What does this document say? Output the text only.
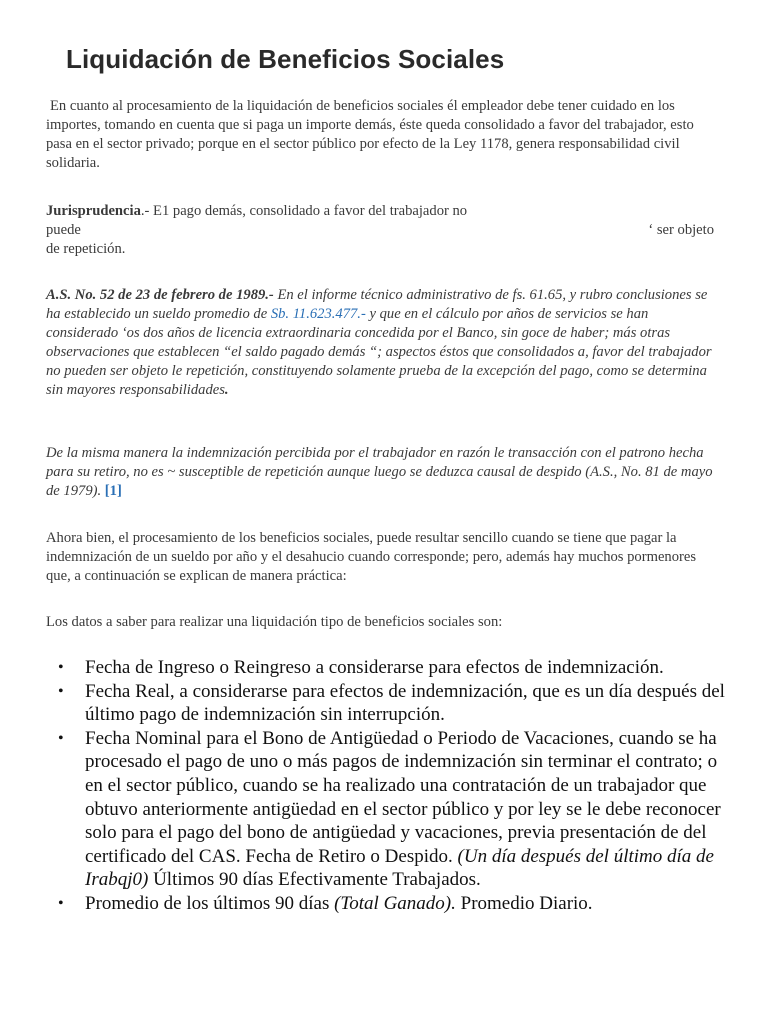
Liquidación de Beneficios Sociales

En cuanto al procesamiento de la liquidación de beneficios sociales él empleador debe tener cuidado en los importes, tomando en cuenta que si paga un importe demás, éste queda consolidado a favor del trabajador, esto pasa en el sector privado; porque en el sector público por efecto de la Ley 1178, genera responsabilidad civil solidaria.

Jurisprudencia.- E1 pago demás, consolidado a favor del trabajador no
puede	‘ ser objeto
de repetición.

A.S. No. 52 de 23 de febrero de 1989.- En el informe técnico administrativo de fs. 61.65, y rubro conclusiones se ha establecido un sueldo promedio de Sb. 11.623.477.- y que en el cálculo por años de servicios se han considerado ‘os dos años de licencia extraordinaria concedida por el Banco, sin goce de haber; más otras observaciones que establecen “el saldo pagado demás “; aspectos éstos que consolidados a, favor del trabajador no pueden ser objeto le repetición, constituyendo solamente prueba de la excepción del pago, como se determina sin mayores responsabilidades.

De la misma manera la indemnización percibida por el trabajador en razón le transacción con el patrono hecha para su retiro, no es ~ susceptible de repetición aunque luego se deduzca causal de despido (A.S., No. 81 de mayo de 1979). [1]

Ahora bien, el procesamiento de los beneficios sociales, puede resultar sencillo cuando se tiene que pagar la indemnización de un sueldo por año y el desahucio cuando corresponde; pero, además hay muchos pormenores que, a continuación se explican de manera práctica:

Los datos a saber para realizar una liquidación tipo de beneficios sociales son:

• Fecha de Ingreso o Reingreso a considerarse para efectos de indemnización.
• Fecha Real, a considerarse para efectos de indemnización, que es un día después del último pago de indemnización sin interrupción.
• Fecha Nominal para el Bono de Antigüedad o Periodo de Vacaciones, cuando se ha procesado el pago de uno o más pagos de indemnización sin terminar el contrato; o en el sector público, cuando se ha realizado una contratación de un trabajador que obtuvo anteriormente antigüedad en el sector público y por ley se le debe reconocer solo para el pago del bono de antigüedad y vacaciones, previa presentación de del certificado del CAS. Fecha de Retiro o Despido. (Un día después del último día de Irabqj0) Últimos 90 días Efectivamente Trabajados.
• Promedio de los últimos 90 días (Total Ganado). Promedio Diario.
